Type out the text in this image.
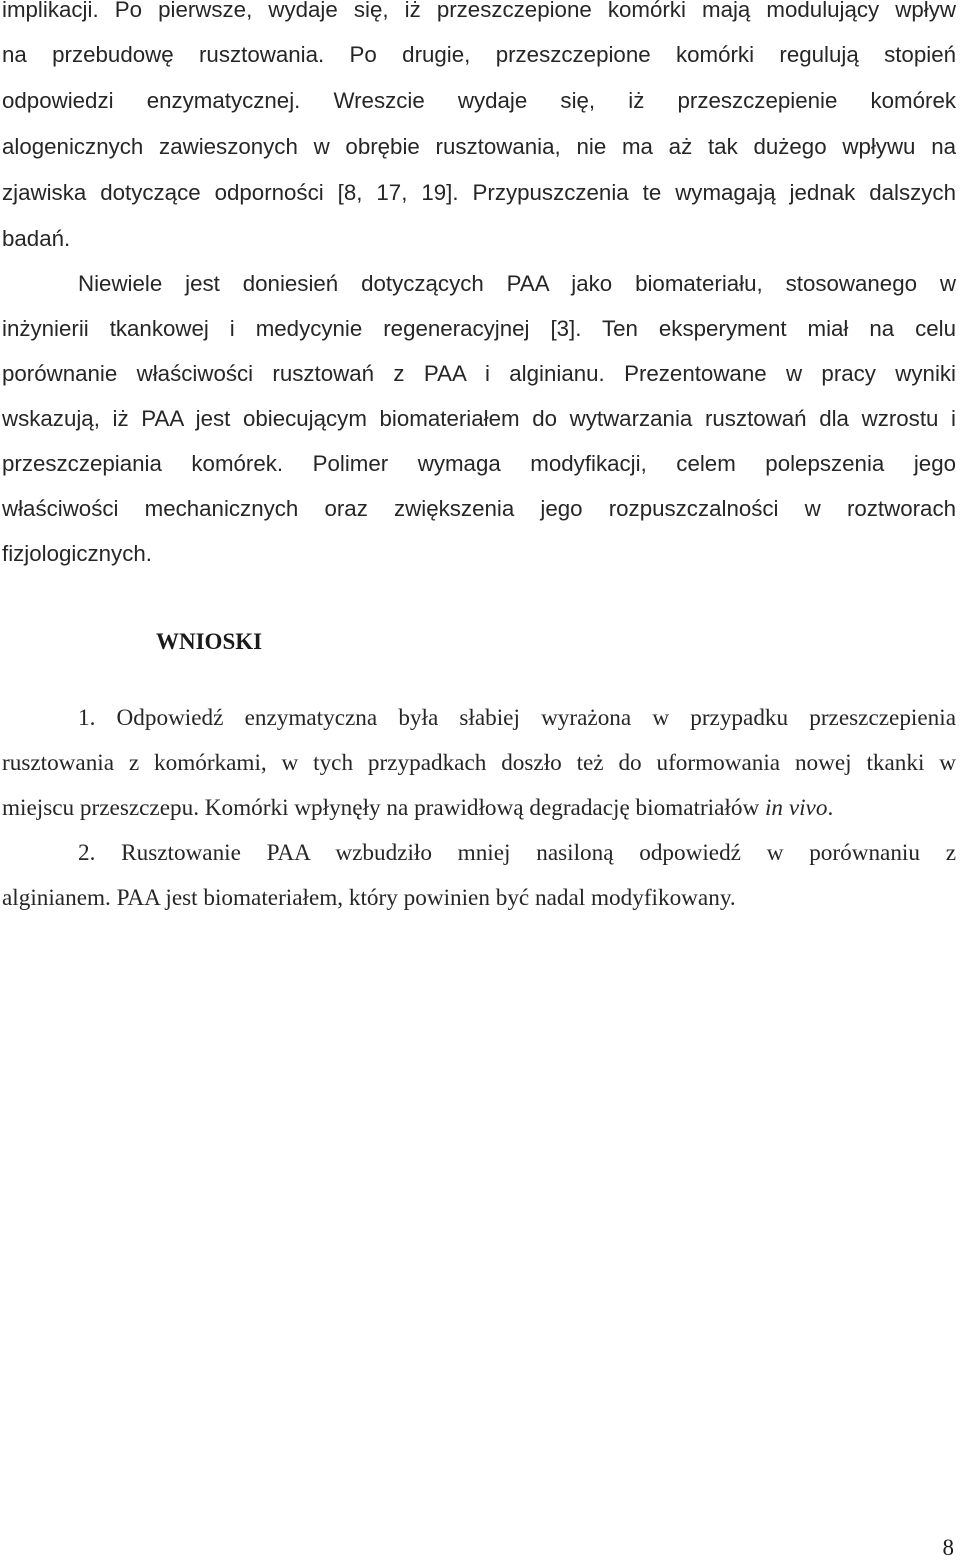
implikacji. Po pierwsze, wydaje się, iż przeszczepione komórki mają modulujący wpływ
na przebudowę rusztowania. Po drugie, przeszczepione komórki regulują stopień
odpowiedzi enzymatycznej. Wreszcie wydaje się, iż przeszczepienie komórek
alogenicznych zawieszonych w obrębie rusztowania, nie ma aż tak dużego wpływu na
zjawiska dotyczące odporności [8, 17, 19]. Przypuszczenia te wymagają jednak dalszych
badań.
Niewiele jest doniesień dotyczących PAA jako biomateriału, stosowanego w
inżynierii tkankowej i medycynie regeneracyjnej [3]. Ten eksperyment miał na celu
porównanie właściwości rusztowań z PAA i alginianu. Prezentowane w pracy wyniki
wskazują, iż PAA jest obiecującym biomateriałem do wytwarzania rusztowań dla wzrostu i
przeszczepiania komórek. Polimer wymaga modyfikacji, celem polepszenia jego
właściwości mechanicznych oraz zwiększenia jego rozpuszczalności w roztworach
fizjologicznych.
WNIOSKI
1. Odpowiedź enzymatyczna była słabiej wyrażona w przypadku przeszczepienia
rusztowania z komórkami, w tych przypadkach doszło też do uformowania nowej tkanki w
miejscu przeszczepu. Komórki wpłynęły na prawidłową degradację biomatriałów in vivo.
2. Rusztowanie PAA wzbudziło mniej nasiloną odpowiedź w porównaniu z
alginianem. PAA jest biomateriałem, który powinien być nadal modyfikowany.
8
